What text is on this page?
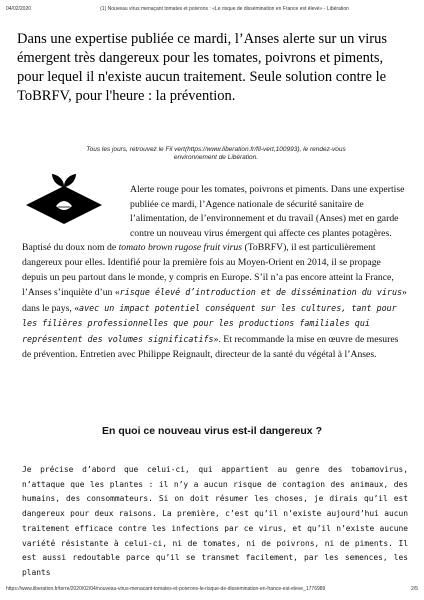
04/02/2020	(1) Nouveau virus menaçant tomates et poivrons : «Le risque de dissémination en France est élevé» - Libération

Dans une expertise publiée ce mardi, l’Anses alerte sur un virus émergent très dangereux pour les tomates, poivrons et piments, pour lequel il n'existe aucun traitement. Seule solution contre le ToBRFV, pour l'heure : la prévention.

Tous les jours, retrouvez le Fil vert(https://www.liberation.fr/fil-vert,100993), le rendez-vous environnement de Libération.

Alerte rouge pour les tomates, poivrons et piments. Dans une expertise publiée ce mardi, l’Agence nationale de sécurité sanitaire de l’alimentation, de l’environnement et du travail (Anses) met en garde contre un nouveau virus émergent qui affecte ces plantes potagères. Baptisé du doux nom de tomato brown rugose fruit virus (ToBRFV), il est particulièrement dangereux pour elles. Identifié pour la première fois au Moyen-Orient en 2014, il se propage depuis un peu partout dans le monde, y compris en Europe. S’il n’a pas encore atteint la France, l’Anses s’inquiète d’un «risque élevé d’introduction et de dissémination du virus» dans le pays, «avec un impact potentiel conséquent sur les cultures, tant pour les filières professionnelles que pour les productions familiales qui représentent des volumes significatifs». Et recommande la mise en œuvre de mesures de prévention. Entretien avec Philippe Reignault, directeur de la santé du végétal à l’Anses.

En quoi ce nouveau virus est-il dangereux ?

Je précise d’abord que celui-ci, qui appartient au genre des tobamovirus, n’attaque que les plantes : il n’y a aucun risque de contagion des animaux, des humains, des consommateurs. Si on doit résumer les choses, je dirais qu’il est dangereux pour deux raisons. La première, c’est qu’il n’existe aujourd’hui aucun traitement efficace contre les infections par ce virus, et qu’il n’existe aucune variété résistante à celui-ci, ni de tomates, ni de poivrons, ni de piments. Il est aussi redoutable parce qu’il se transmet facilement, par les semences, les plants

https://www.liberation.fr/terre/2020/02/04/nouveau-virus-menacant-tomates-et-poivrons-le-risque-de-dissemination-en-france-est-eleve_1776989	2/5
